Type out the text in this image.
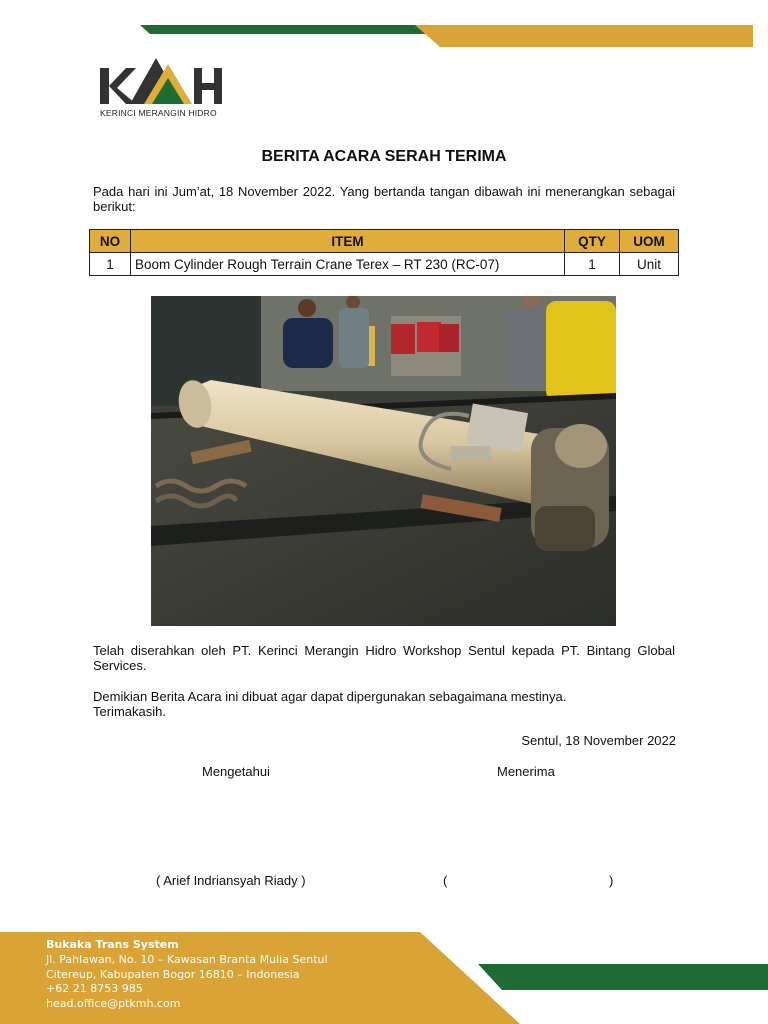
KERINCI MERANGIN HIDRO
BERITA ACARA SERAH TERIMA
Pada hari ini Jum’at, 18 November 2022. Yang bertanda tangan dibawah ini menerangkan sebagai berikut:
NO	ITEM	QTY	UOM
1	Boom Cylinder Rough Terrain Crane Terex – RT 230 (RC-07)	1	Unit
Telah diserahkan oleh PT. Kerinci Merangin Hidro Workshop Sentul kepada PT. Bintang Global Services.
Demikian Berita Acara ini dibuat agar dapat dipergunakan sebagaimana mestinya.
Terimakasih.
Sentul, 18 November 2022
Mengetahui	Menerima
( Arief Indriansyah Riady )	(	)
Bukaka Trans System
Jl. Pahlawan, No. 10 – Kawasan Branta Mulia Sentul
Citereup, Kabupaten Bogor 16810 – Indonesia
+62 21 8753 985
head.office@ptkmh.com
